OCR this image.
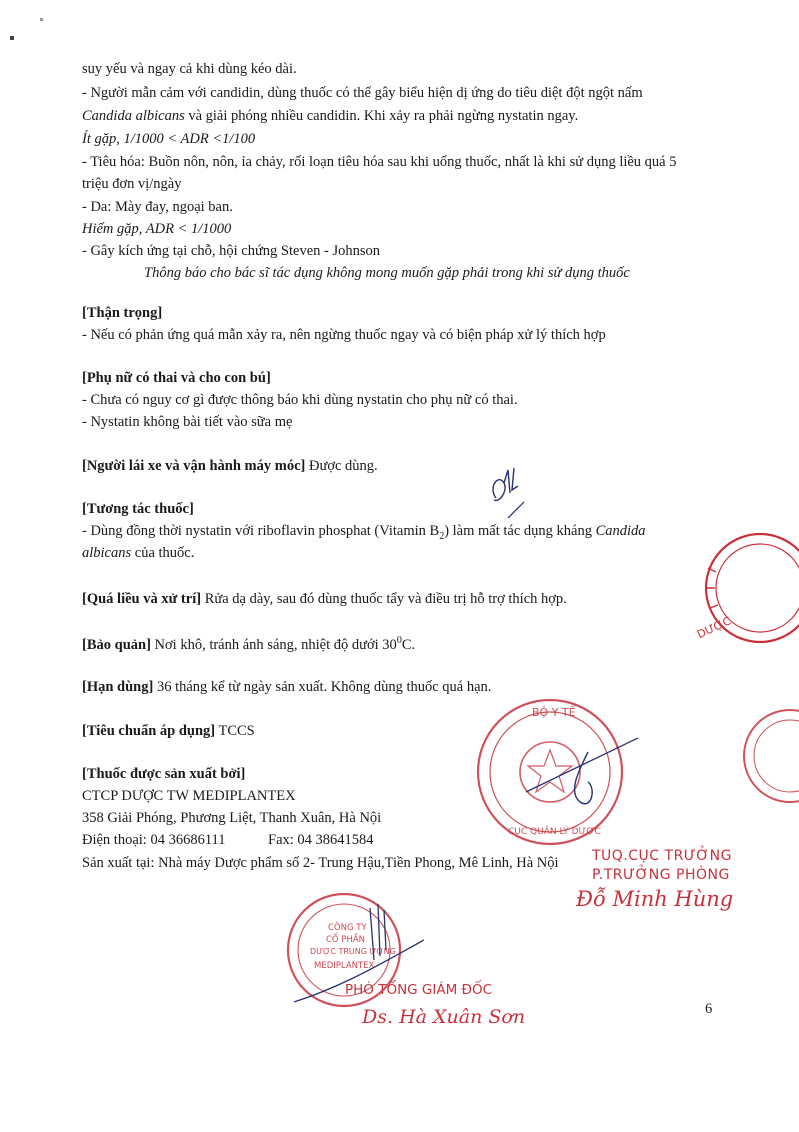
suy yếu và ngay cả khi dùng kéo dài.
- Người mẫn cảm với candidin, dùng thuốc có thể gây biểu hiện dị ứng do tiêu diệt đột ngột nấm
Candida albicans và giải phóng nhiều candidin. Khi xảy ra phải ngừng nystatin ngay.
Ít gặp, 1/1000 < ADR <1/100
- Tiêu hóa: Buồn nôn, nôn, ỉa chảy, rối loạn tiêu hóa sau khi uống thuốc, nhất là khi sử dụng liều quá 5
triệu đơn vị/ngày
- Da: Mày đay, ngoại ban.
Hiếm gặp, ADR < 1/1000
- Gây kích ứng tại chỗ, hội chứng Steven - Johnson
Thông báo cho bác sĩ tác dụng không mong muốn gặp phải trong khi sử dụng thuốc
[Thận trọng]
- Nếu có phản ứng quá mẫn xảy ra, nên ngừng thuốc ngay và có biện pháp xử lý thích hợp
[Phụ nữ có thai và cho con bú]
- Chưa có nguy cơ gì được thông báo khi dùng nystatin cho phụ nữ có thai.
- Nystatin không bài tiết vào sữa mẹ
[Người lái xe và vận hành máy móc] Được dùng.
[Tương tác thuốc]
- Dùng đồng thời nystatin với riboflavin phosphat (Vitamin $B_2$) làm mất tác dụng kháng Candida
albicans của thuốc.
[Quá liều và xử trí] Rửa dạ dày, sau đó dùng thuốc tẩy và điều trị hỗ trợ thích hợp.
[Bảo quản] Nơi khô, tránh ánh sáng, nhiệt độ dưới $30^0C$.
[Hạn dùng] 36 tháng kể từ ngày sản xuất. Không dùng thuốc quá hạn.
[Tiêu chuẩn áp dụng] TCCS
[Thuốc được sản xuất bởi]
CTCP DƯỢC TW MEDIPLANTEX
358 Giải Phóng, Phương Liệt, Thanh Xuân, Hà Nội
Điện thoại: 04 36686111	Fax: 04 38641584
Sản xuất tại: Nhà máy Dược phẩm số 2- Trung Hậu,Tiền Phong, Mê Linh, Hà Nội
DƯỢC
BỘ Y TẾ
CỤC QUẢN LÝ DƯỢC
TUQ.CỤC TRƯỞNG
P.TRƯỞNG PHÒNG
Đỗ Minh Hùng
CÔNG TY
CỔ PHẦN
DƯỢC TRUNG ƯƠNG
MEDIPLANTEX
PHÓ TỔNG GIÁM ĐỐC
Ds. Hà Xuân Sơn	6
